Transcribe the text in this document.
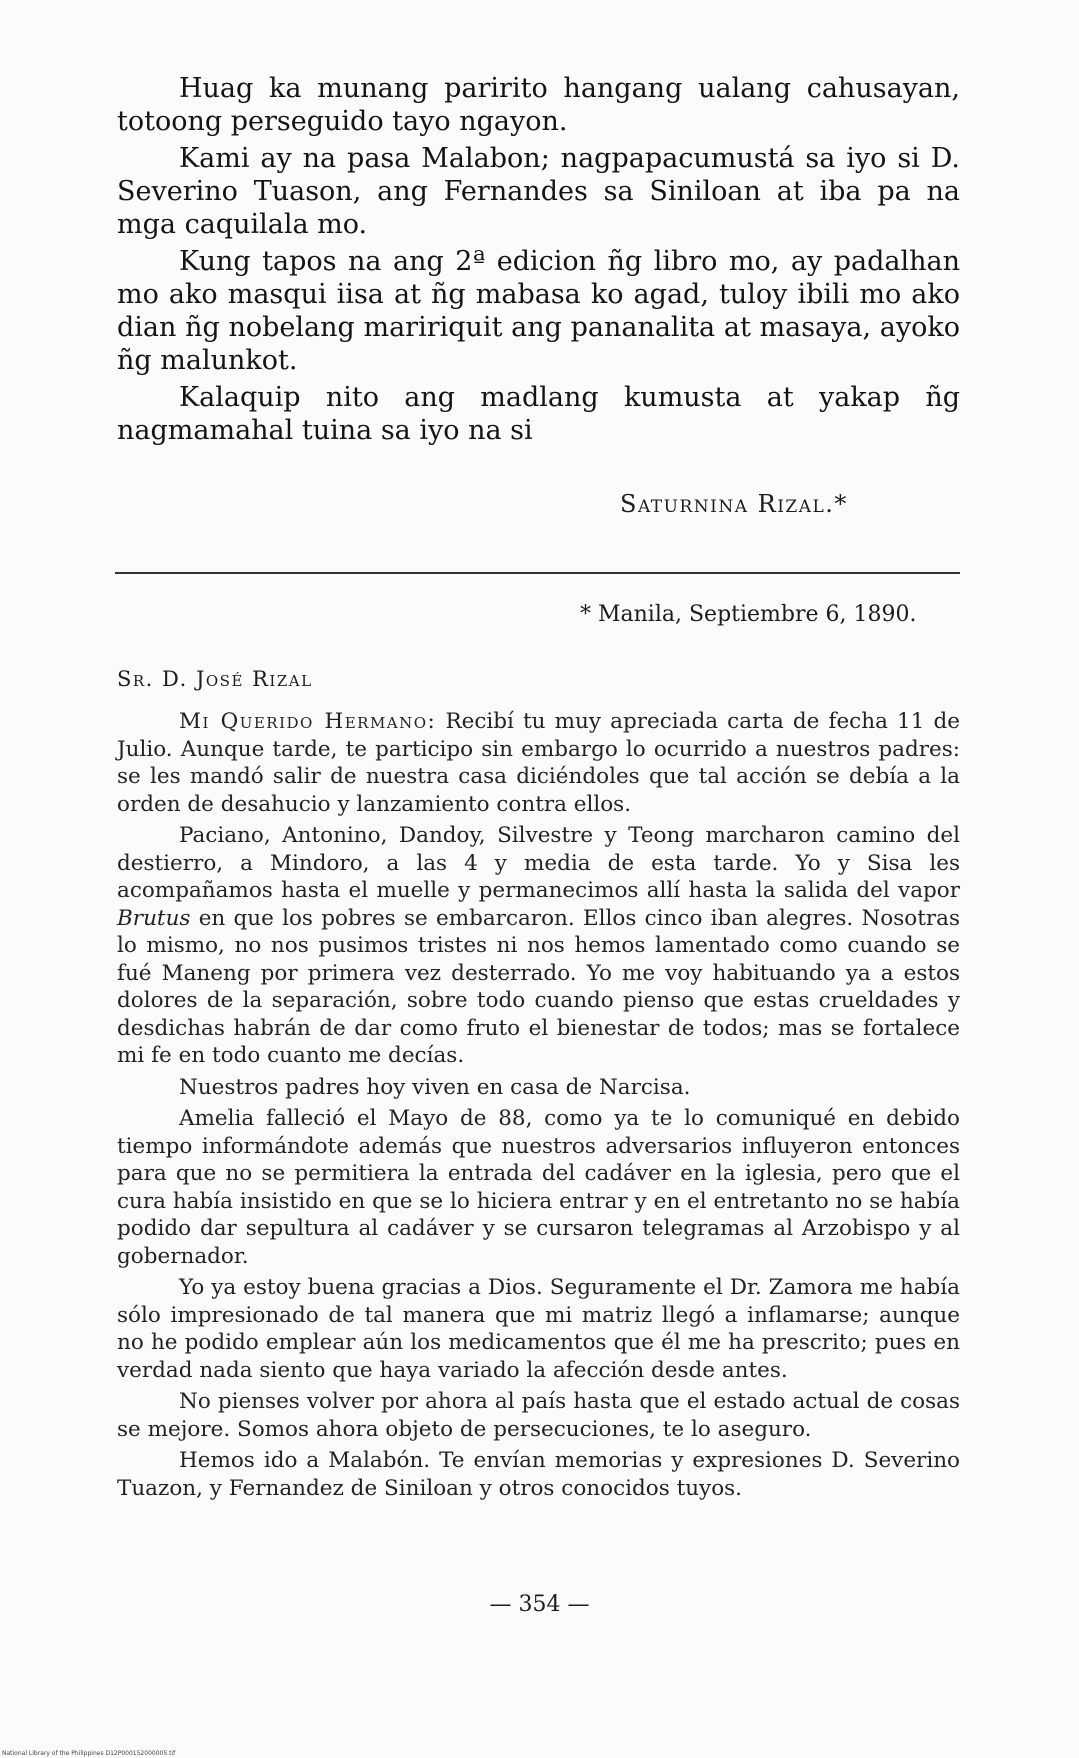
Huag ka munang paririto hangang ualang cahusayan, totoong perseguido tayo ngayon.

Kami ay na pasa Malabon; nagpapacumustá sa iyo si D. Severino Tuason, ang Fernandes sa Siniloan at iba pa na mga caquilala mo.

Kung tapos na ang 2ª edicion ñg libro mo, ay padalhan mo ako masqui iisa at ñg mabasa ko agad, tuloy ibili mo ako dian ñg nobelang maririquit ang pananalita at masaya, ayoko ñg malunkot.

Kalaquip nito ang madlang kumusta at yakap ñg nagmamahal tuina sa iyo na si

Saturnina Rizal.*
* Manila, Septiembre 6, 1890.
Sr. D. José Rizal

Mi Querido Hermano: Recibí tu muy apreciada carta de fecha 11 de Julio. Aunque tarde, te participo sin embargo lo ocurrido a nuestros padres: se les mandó salir de nuestra casa diciéndoles que tal acción se debía a la orden de desahucio y lanzamiento contra ellos.

Paciano, Antonino, Dandoy, Silvestre y Teong marcharon camino del destierro, a Mindoro, a las 4 y media de esta tarde. Yo y Sisa les acompañamos hasta el muelle y permanecimos allí hasta la salida del vapor Brutus en que los pobres se embarcaron. Ellos cinco iban alegres. Nosotras lo mismo, no nos pusimos tristes ni nos hemos lamentado como cuando se fué Maneng por primera vez desterrado. Yo me voy habituando ya a estos dolores de la separación, sobre todo cuando pienso que estas crueldades y desdichas habrán de dar como fruto el bienestar de todos; mas se fortalece mi fe en todo cuanto me decías.

Nuestros padres hoy viven en casa de Narcisa.

Amelia falleció el Mayo de 88, como ya te lo comuniqué en debido tiempo informándote además que nuestros adversarios influyeron entonces para que no se permitiera la entrada del cadáver en la iglesia, pero que el cura había insistido en que se lo hiciera entrar y en el entretanto no se había podido dar sepultura al cadáver y se cursaron telegramas al Arzobispo y al gobernador.

Yo ya estoy buena gracias a Dios. Seguramente el Dr. Zamora me había sólo impresionado de tal manera que mi matriz llegó a inflamarse; aunque no he podido emplear aún los medicamentos que él me ha prescrito; pues en verdad nada siento que haya variado la afección desde antes.

No pienses volver por ahora al país hasta que el estado actual de cosas se mejore. Somos ahora objeto de persecuciones, te lo aseguro.

Hemos ido a Malabón. Te envían memorias y expresiones D. Severino Tuazon, y Fernandez de Siniloan y otros conocidos tuyos.

— 354 —
National Library of the Philippines D12P000152000005.tif
